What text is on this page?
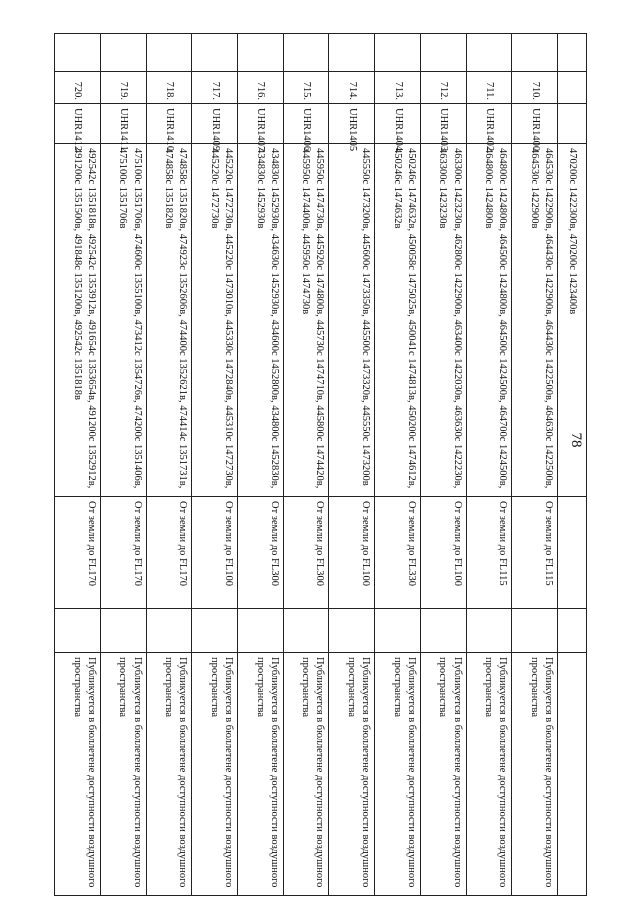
78
			470200с 1422300в, 470200с 1423400в			
	710.	UHR1400	464530с 1422900в, 464430с 1422900в, 464430с 1422500в, 464630с 1422500в, 464530с 1422900в	От земли до FL115		Публикуется в бюллетене доступности воздушного пространства
	711.	UHR1402	464800с 1424800в, 464500с 1424800в, 464500с 1424500в, 464700с 1424500в, 464800с 1424800в	От земли до FL115		Публикуется в бюллетене доступности воздушного пространства
	712.	UHR1403	463300с 1423230в, 462800с 1422900в, 463400с 1422030в, 463630с 1422230в, 463300с 1423230в	От земли до FL100		Публикуется в бюллетене доступности воздушного пространства
	713.	UHR1404	450246с 1474632в, 450058с 1475025в, 450041с 1474813в, 450200с 1474612в, 450246с 1474632в	От земли до FL330		Публикуется в бюллетене доступности воздушного пространства
	714.	UHR1405	445550с 1473200в, 445600с 1473350в, 445500с 1473320в, 445550с 1473200в	От земли до FL100		Публикуется в бюллетене доступности воздушного пространства
	715.	UHR1406	445950с 1474730в, 445920с 1474800в, 445730с 1474710в, 445800с 1474420в, 445950с 1474400в, 445950с 1474730в	От земли до FL300		Публикуется в бюллетене доступности воздушного пространства
	716.	UHR1407	434830с 1452930в, 434630с 1452930в, 434600с 1452800в, 434800с 1452830в, 434830с 1452930в	От земли до FL300		Публикуется в бюллетене доступности воздушного пространства
	717.	UHR1409	445220с 1472730в, 445220с 1473010в, 445330с 1472840в, 445310с 1472730в, 445220с 1472730в	От земли до FL100		Публикуется в бюллетене доступности воздушного пространства
	718.	UHR1410	474858с 1351820в, 474923с 1352606в, 474400с 1352621в, 474414с 1351731в, 474858с 1351820в	От земли до FL170		Публикуется в бюллетене доступности воздушного пространства
	719.	UHR1411	475100с 1351706в, 474600с 1355100в, 473412с 1354726в, 474200с 1351406в, 475100с 1351706в	От земли до FL170		Публикуется в бюллетене доступности воздушного пространства
	720.	UHR1412	492542с 1351818в, 492542с 1353912в, 491654с 1353654в, 491200с 1352912в, 491200с 1351500в, 491848с 1351200в, 492542с 1351818в	От земли до FL170		Публикуется в бюллетене доступности воздушного пространства
